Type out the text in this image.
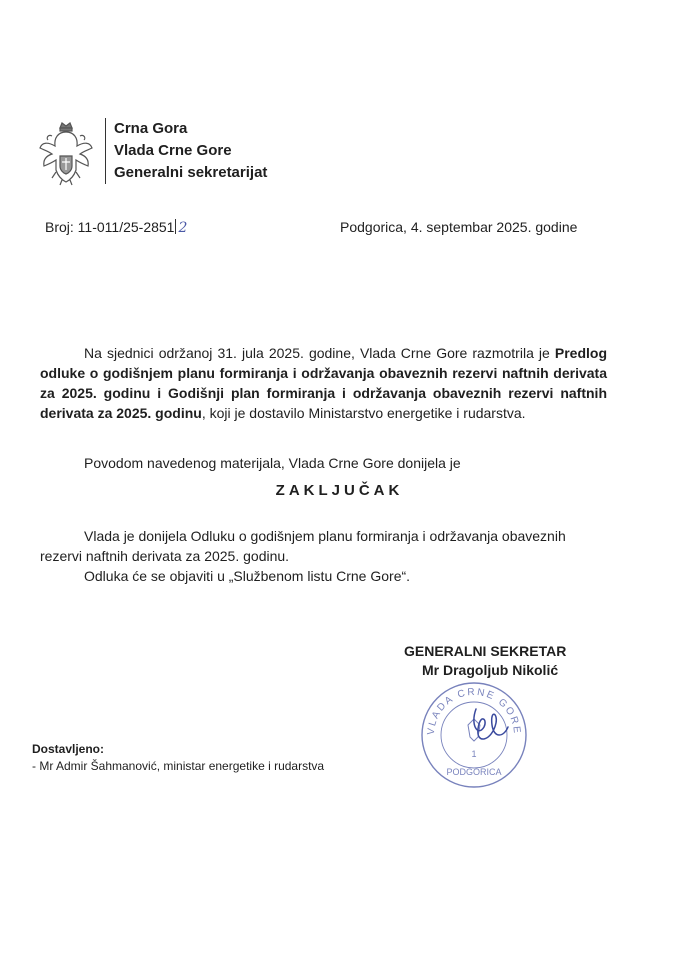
Crna Gora
Vlada Crne Gore
Generalni sekretarijat
Broj: 11-011/25-2851 2	Podgorica, 4. septembar 2025. godine
Na sjednici održanoj 31. jula 2025. godine, Vlada Crne Gore razmotrila je Predlog odluke o godišnjem planu formiranja i održavanja obaveznih rezervi naftnih derivata za 2025. godinu i Godišnji plan formiranja i održavanja obaveznih rezervi naftnih derivata za 2025. godinu, koji je dostavilo Ministarstvo energetike i rudarstva.
Povodom navedenog materijala, Vlada Crne Gore donijela je
ZAKLJUČAK
Vlada je donijela Odluku o godišnjem planu formiranja i održavanja obaveznih rezervi naftnih derivata za 2025. godinu.
Odluka će se objaviti u „Službenom listu Crne Gore“.
VLADA CRNE GORE
1
PODGORICA
GENERALNI SEKRETAR
Mr Dragoljub Nikolić
Dostavljeno:
- Mr Admir Šahmanović, ministar energetike i rudarstva
